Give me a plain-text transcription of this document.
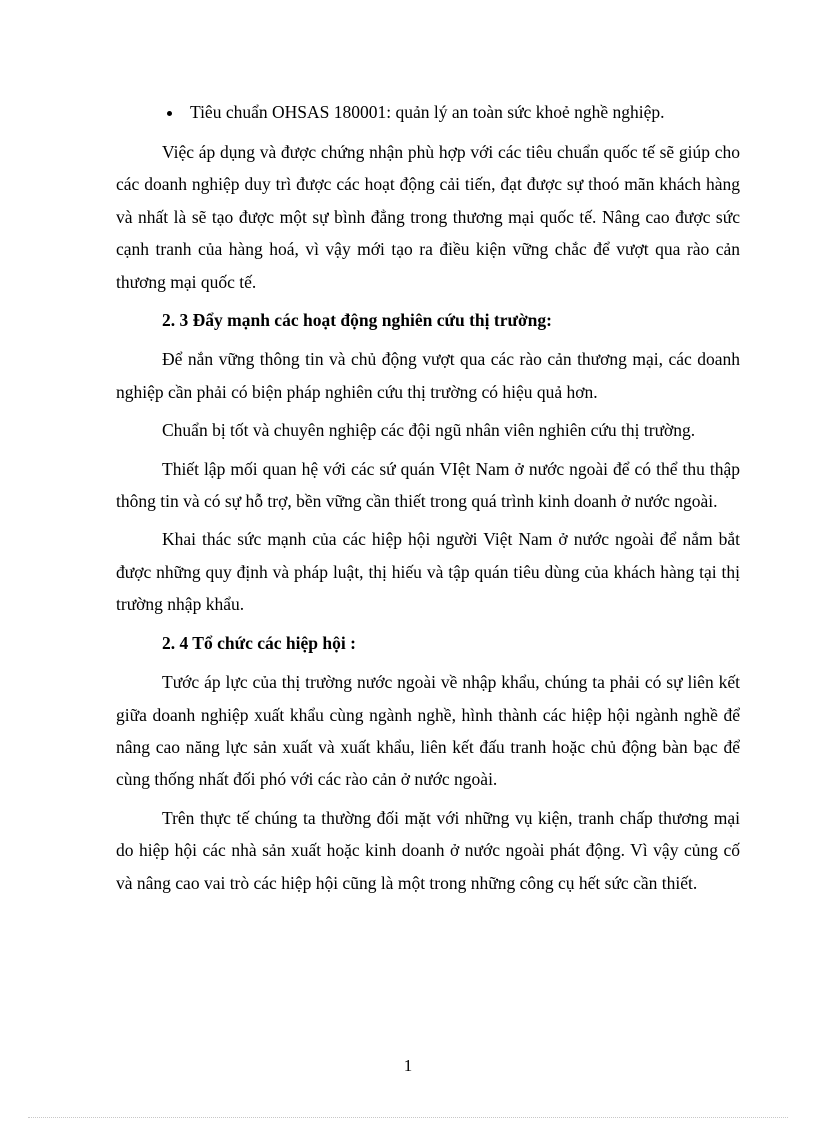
Tiêu chuẩn OHSAS 180001: quản lý an toàn sức khoẻ nghề nghiệp.

Việc áp dụng và được chứng nhận phù hợp với các tiêu chuẩn quốc tế sẽ giúp cho các doanh nghiệp duy trì được các hoạt động cải tiến, đạt được sự thoó mãn khách hàng và nhất là sẽ tạo được một sự bình đẳng trong thương mại quốc tế. Nâng cao được sức cạnh tranh của hàng hoá, vì vậy mới tạo ra điều kiện vững chắc để vượt qua rào cản thương mại quốc tế.

2. 3 Đẩy mạnh các hoạt động nghiên cứu thị trường:

Để nắn vững thông tin và chủ động vượt qua các rào cản thương mại, các doanh nghiệp cần phải có biện pháp nghiên cứu thị trường có hiệu quả hơn.

Chuẩn bị tốt và chuyên nghiệp các đội ngũ nhân viên nghiên cứu thị trường.

Thiết lập mối quan hệ với các sứ quán VIệt Nam ở nước ngoài để có thể thu thập thông tin và có sự hỗ trợ, bền vững cần thiết trong quá trình kinh doanh ở nước ngoài.

Khai thác sức mạnh của các hiệp hội người Việt Nam ở nước ngoài để nắm bắt được những quy định và pháp luật, thị hiếu và tập quán tiêu dùng của khách hàng tại thị trường nhập khẩu.

2. 4 Tổ chức các hiệp hội :

Tước áp lực của thị trường nước ngoài về nhập khẩu, chúng ta phải có sự liên kết giữa doanh nghiệp xuất khẩu cùng ngành nghề, hình thành các hiệp hội ngành nghề để nâng cao năng lực sản xuất và xuất khẩu, liên kết đấu tranh hoặc chủ động bàn bạc để cùng thống nhất đối phó với các rào cản ở nước ngoài.

Trên thực tế chúng ta thường đối mặt với những vụ kiện, tranh chấp thương mại do hiệp hội các nhà sản xuất hoặc kinh doanh ở nước ngoài phát động. Vì vậy củng cố và nâng cao vai trò các hiệp hội cũng là một trong những công cụ hết sức cần thiết.

1
